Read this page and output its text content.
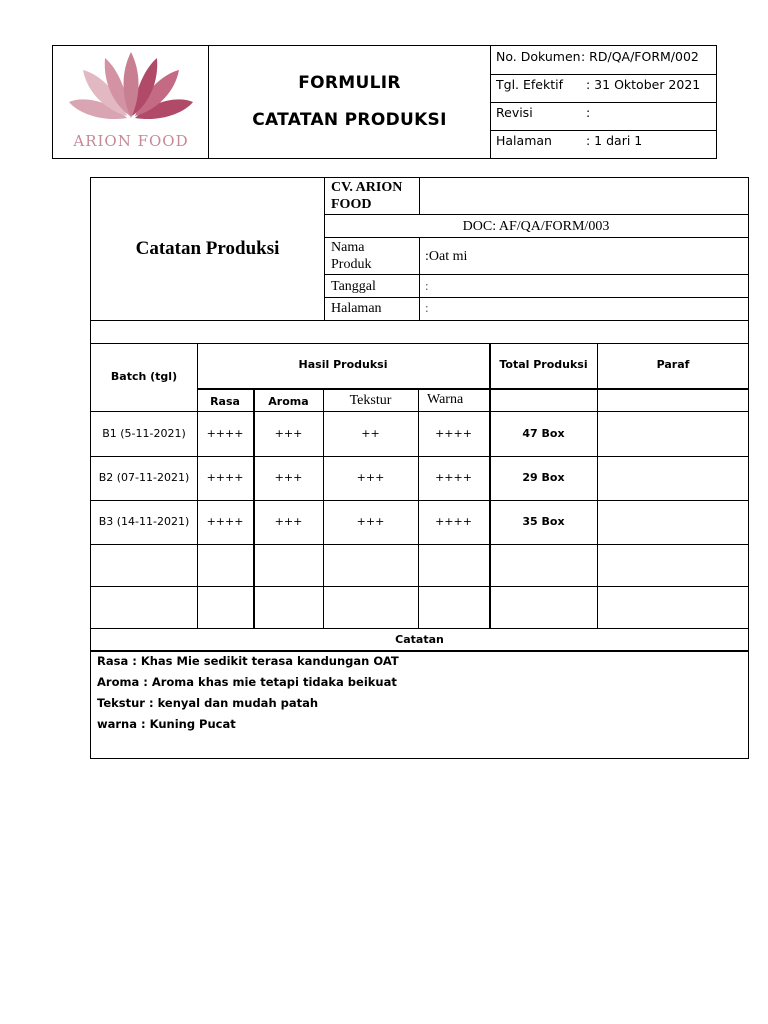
ARION FOOD
FORMULIR
CATATAN PRODUKSI
No. Dokumen : RD/QA/FORM/002
Tgl. Efektif : 31 Oktober 2021
Revisi	:
Halaman	: 1 dari 1
Catatan Produksi
CV. ARION
FOOD
DOC: AF/QA/FORM/003
Nama
Produk
:Oat mi
Tanggal	:
Halaman	:
Batch (tgl)
Hasil Produksi	Total Produksi	Paraf
Rasa	Aroma	Tekstur	Warna
B1 (5-11-2021)	++++	+++	++	++++	47 Box
B2 (07-11-2021)	++++	+++	+++	++++	29 Box
B3 (14-11-2021)	++++	+++	+++	++++	35 Box
Catatan
Rasa : Khas Mie sedikit terasa kandungan OAT
Aroma : Aroma khas mie tetapi tidaka beikuat
Tekstur : kenyal dan mudah patah
warna : Kuning Pucat
